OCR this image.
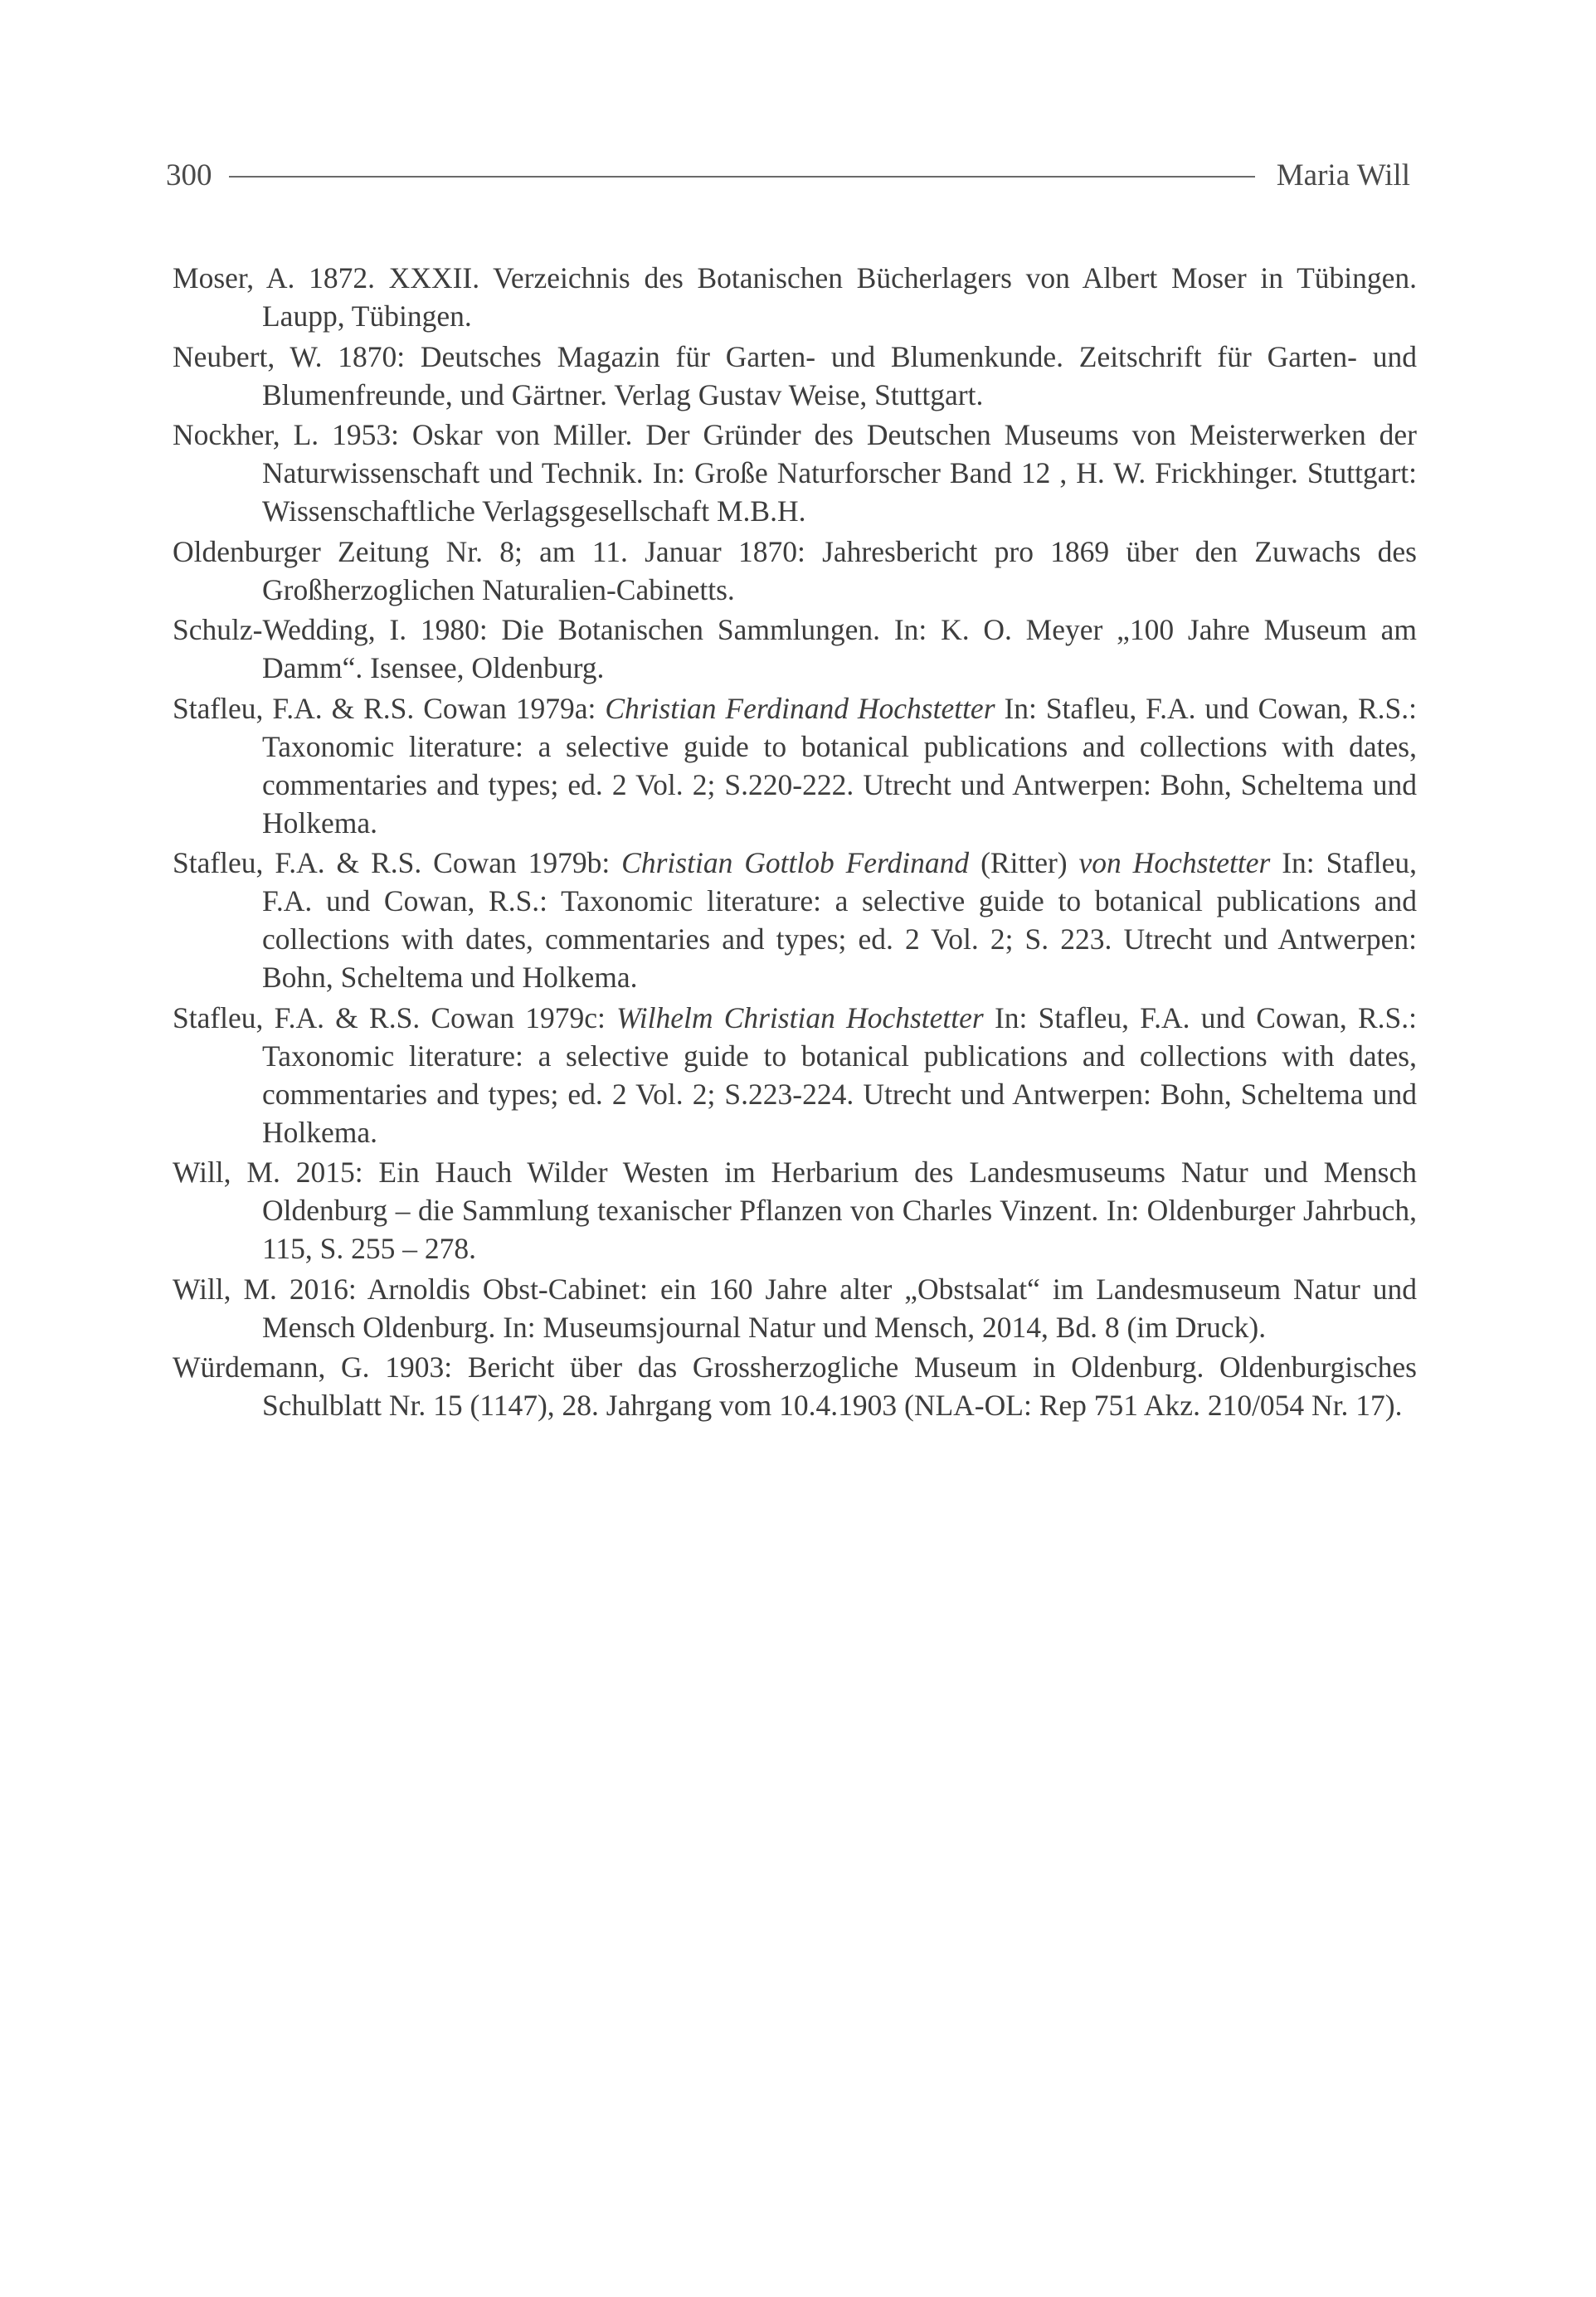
300	Maria Will
Moser, A. 1872. XXXII. Verzeichnis des Botanischen Bücherlagers von Albert Moser in Tübingen. Laupp, Tübingen.
Neubert, W. 1870: Deutsches Magazin für Garten- und Blumenkunde. Zeitschrift für Garten- und Blumenfreunde, und Gärtner. Verlag Gustav Weise, Stuttgart.
Nockher, L. 1953: Oskar von Miller. Der Gründer des Deutschen Museums von Meisterwerken der Naturwissenschaft und Technik. In: Große Naturforscher Band 12 , H. W. Frickhinger. Stuttgart: Wissenschaftliche Verlagsgesellschaft M.B.H.
Oldenburger Zeitung Nr. 8; am 11. Januar 1870: Jahresbericht pro 1869 über den Zuwachs des Großherzoglichen Naturalien-Cabinetts.
Schulz-Wedding, I. 1980: Die Botanischen Sammlungen. In: K. O. Meyer „100 Jahre Museum am Damm“. Isensee, Oldenburg.
Stafleu, F.A. & R.S. Cowan 1979a: Christian Ferdinand Hochstetter In: Stafleu, F.A. und Cowan, R.S.: Taxonomic literature: a selective guide to botanical publications and collections with dates, commentaries and types; ed. 2 Vol. 2; S.220-222. Utrecht und Antwerpen: Bohn, Scheltema und Holkema.
Stafleu, F.A. & R.S. Cowan 1979b: Christian Gottlob Ferdinand (Ritter) von Hochstetter In: Stafleu, F.A. und Cowan, R.S.: Taxonomic literature: a selective guide to botanical publications and collections with dates, commentaries and types; ed. 2 Vol. 2; S. 223. Utrecht und Antwerpen: Bohn, Scheltema und Holkema.
Stafleu, F.A. & R.S. Cowan 1979c: Wilhelm Christian Hochstetter In: Stafleu, F.A. und Cowan, R.S.: Taxonomic literature: a selective guide to botanical publications and collections with dates, commentaries and types; ed. 2 Vol. 2; S.223-224. Utrecht und Antwerpen: Bohn, Scheltema und Holkema.
Will, M. 2015: Ein Hauch Wilder Westen im Herbarium des Landesmuseums Natur und Mensch Oldenburg – die Sammlung texanischer Pflanzen von Charles Vinzent. In: Oldenburger Jahrbuch, 115, S. 255 – 278.
Will, M. 2016: Arnoldis Obst-Cabinet: ein 160 Jahre alter „Obstsalat“ im Landesmuseum Natur und Mensch Oldenburg. In: Museumsjournal Natur und Mensch, 2014, Bd. 8 (im Druck).
Würdemann, G. 1903: Bericht über das Grossherzogliche Museum in Oldenburg. Oldenburgisches Schulblatt Nr. 15 (1147), 28. Jahrgang vom 10.4.1903 (NLA-OL: Rep 751 Akz. 210/054 Nr. 17).
